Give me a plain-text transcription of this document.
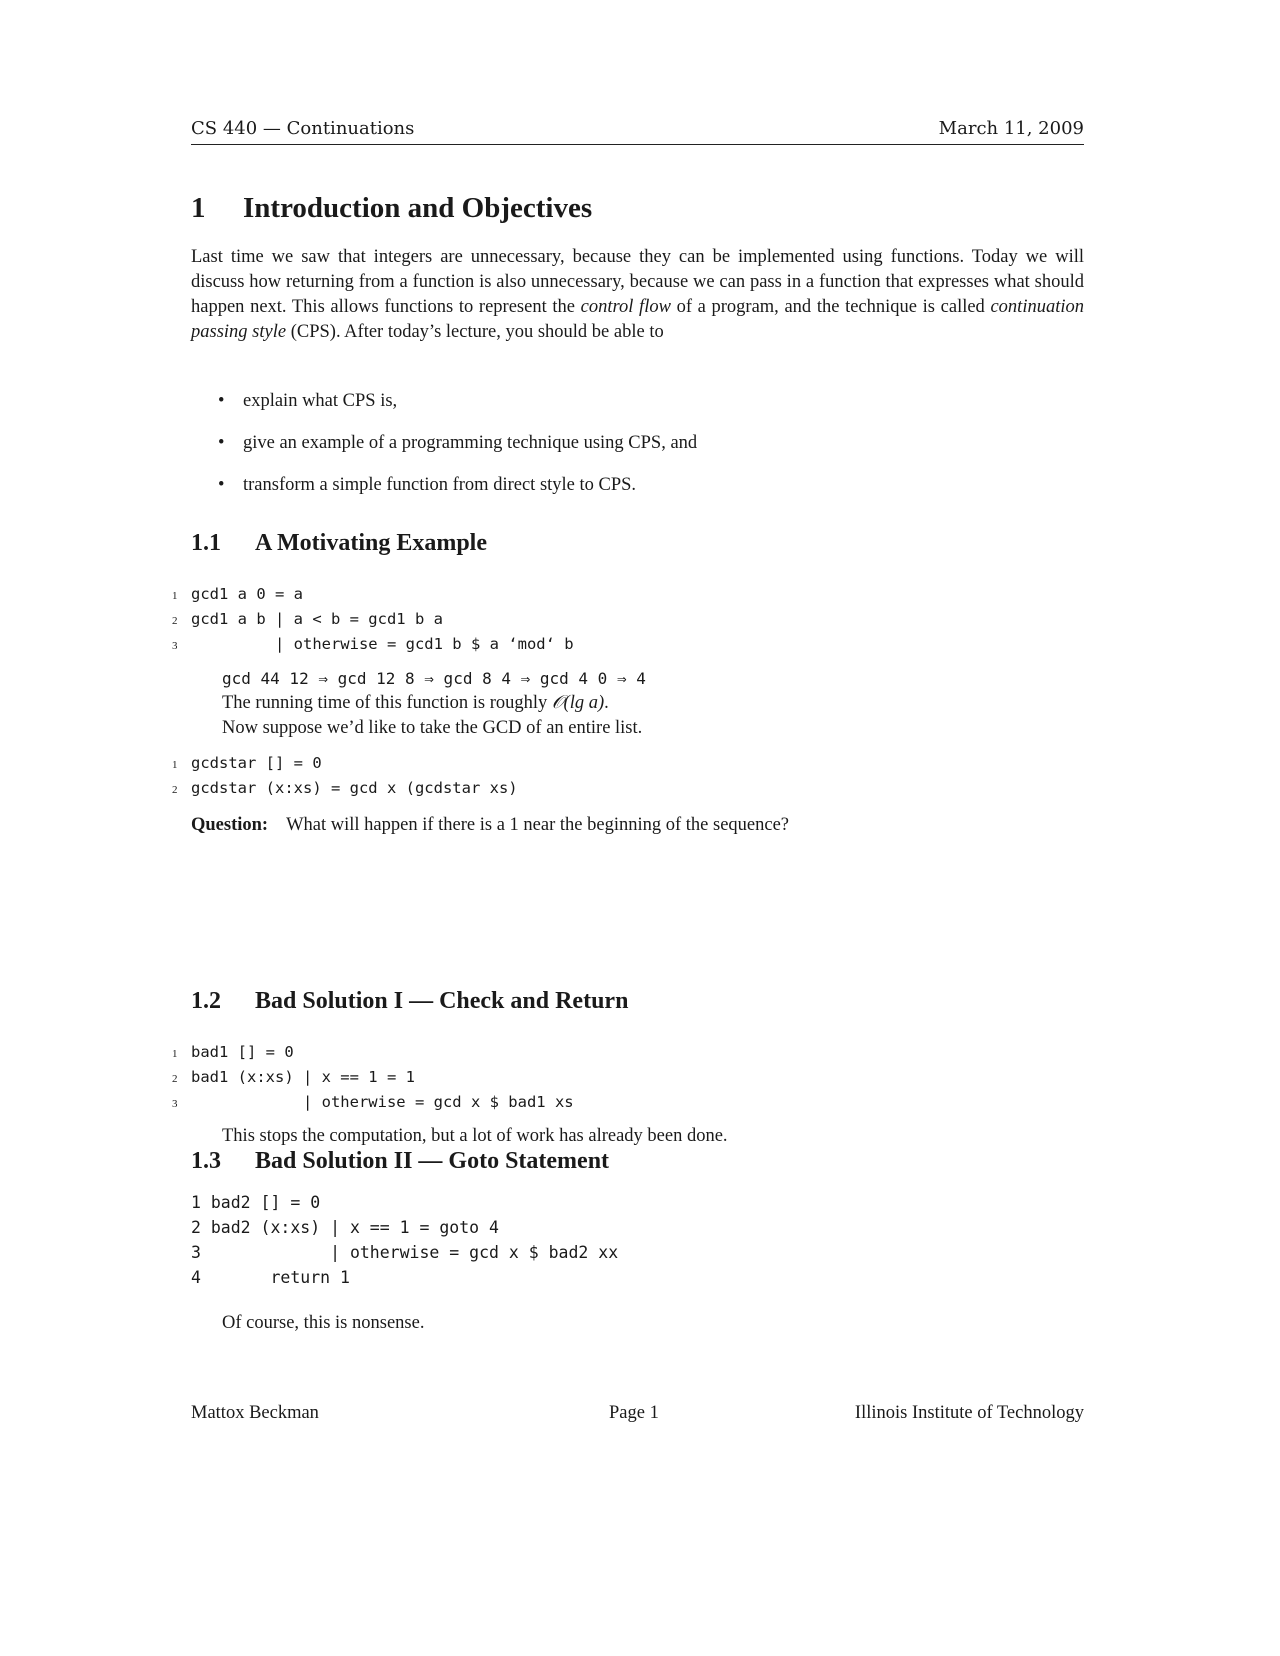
CS 440 — Continuations	March 11, 2009
1 Introduction and Objectives
Last time we saw that integers are unnecessary, because they can be implemented using functions. Today we will discuss how returning from a function is also unnecessary, because we can pass in a function that expresses what should happen next. This allows functions to represent the control flow of a program, and the technique is called continuation passing style (CPS). After today’s lecture, you should be able to
• explain what CPS is,
• give an example of a programming technique using CPS, and
• transform a simple function from direct style to CPS.
1.1 A Motivating Example
1 gcd1 a 0 = a
2 gcd1 a b | a < b = gcd1 b a
3         | otherwise = gcd1 b $ a ‘mod‘ b
gcd 44 12 ⇒ gcd 12 8 ⇒ gcd 8 4 ⇒ gcd 4 0 ⇒ 4
The running time of this function is roughly 𝒪(lg a).
Now suppose we’d like to take the GCD of an entire list.
1 gcdstar [] = 0
2 gcdstar (x:xs) = gcd x (gcdstar xs)
Question: What will happen if there is a 1 near the beginning of the sequence?
1.2 Bad Solution I — Check and Return
1 bad1 [] = 0
2 bad1 (x:xs) | x == 1 = 1
3            | otherwise = gcd x $ bad1 xs
This stops the computation, but a lot of work has already been done.
1.3 Bad Solution II — Goto Statement
1 bad2 [] = 0
2 bad2 (x:xs) | x == 1 = goto 4
3             | otherwise = gcd x $ bad2 xx
4       return 1
Of course, this is nonsense.
Mattox Beckman	Page 1	Illinois Institute of Technology
